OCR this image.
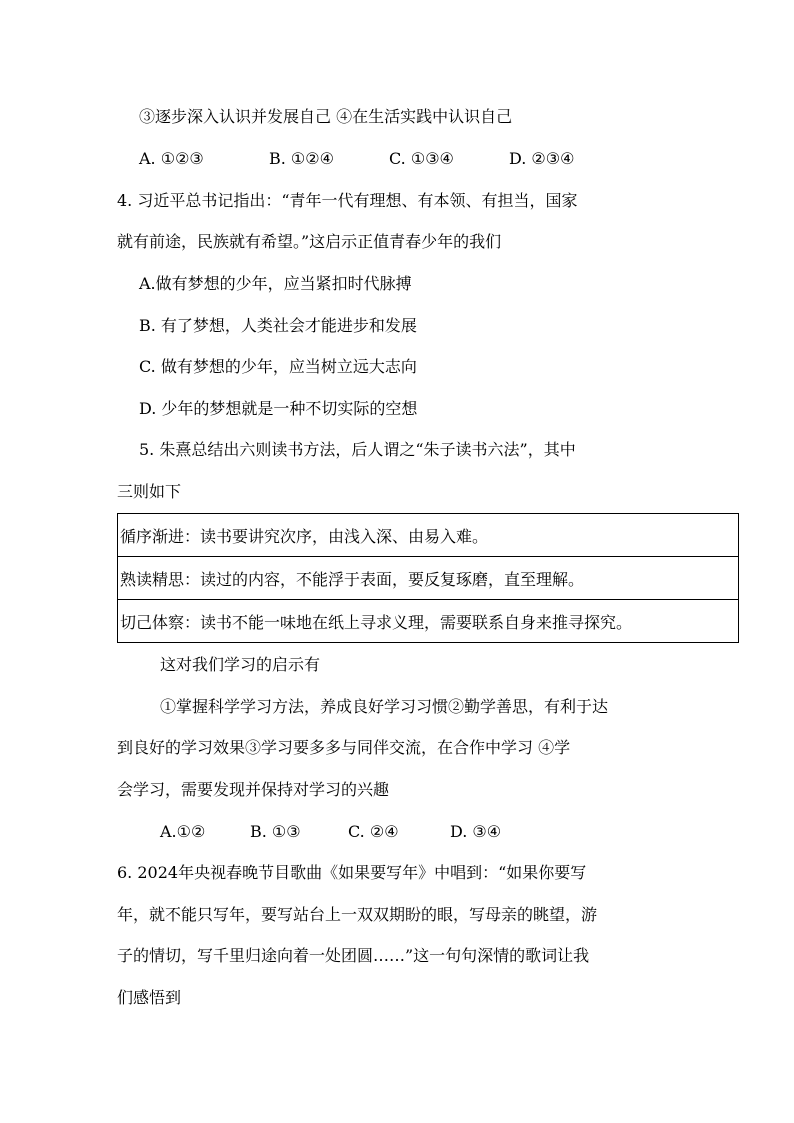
③逐步深入认识并发展自己 ④在生活实践中认识自己
A. ①②③	B. ①②④	C. ①③④	D. ②③④
4. 习近平总书记指出：“青年一代有理想、有本领、有担当，国家
就有前途，民族就有希望。”这启示正值青春少年的我们
A.做有梦想的少年，应当紧扣时代脉搏
B. 有了梦想，人类社会才能进步和发展
C. 做有梦想的少年，应当树立远大志向
D. 少年的梦想就是一种不切实际的空想
5. 朱熹总结出六则读书方法，后人谓之“朱子读书六法”，其中
三则如下
循序渐进：读书要讲究次序，由浅入深、由易入难。
熟读精思：读过的内容，不能浮于表面，要反复琢磨，直至理解。
切己体察：读书不能一味地在纸上寻求义理，需要联系自身来推寻探究。
这对我们学习的启示有
①掌握科学学习方法，养成良好学习习惯②勤学善思，有利于达
到良好的学习效果③学习要多多与同伴交流，在合作中学习 ④学
会学习，需要发现并保持对学习的兴趣
A.①②	B. ①③	C. ②④	D. ③④
6. 2024年央视春晚节目歌曲《如果要写年》中唱到：“如果你要写
年，就不能只写年，要写站台上一双双期盼的眼，写母亲的眺望，游
子的情切，写千里归途向着一处团圆……”这一句句深情的歌词让我
们感悟到
